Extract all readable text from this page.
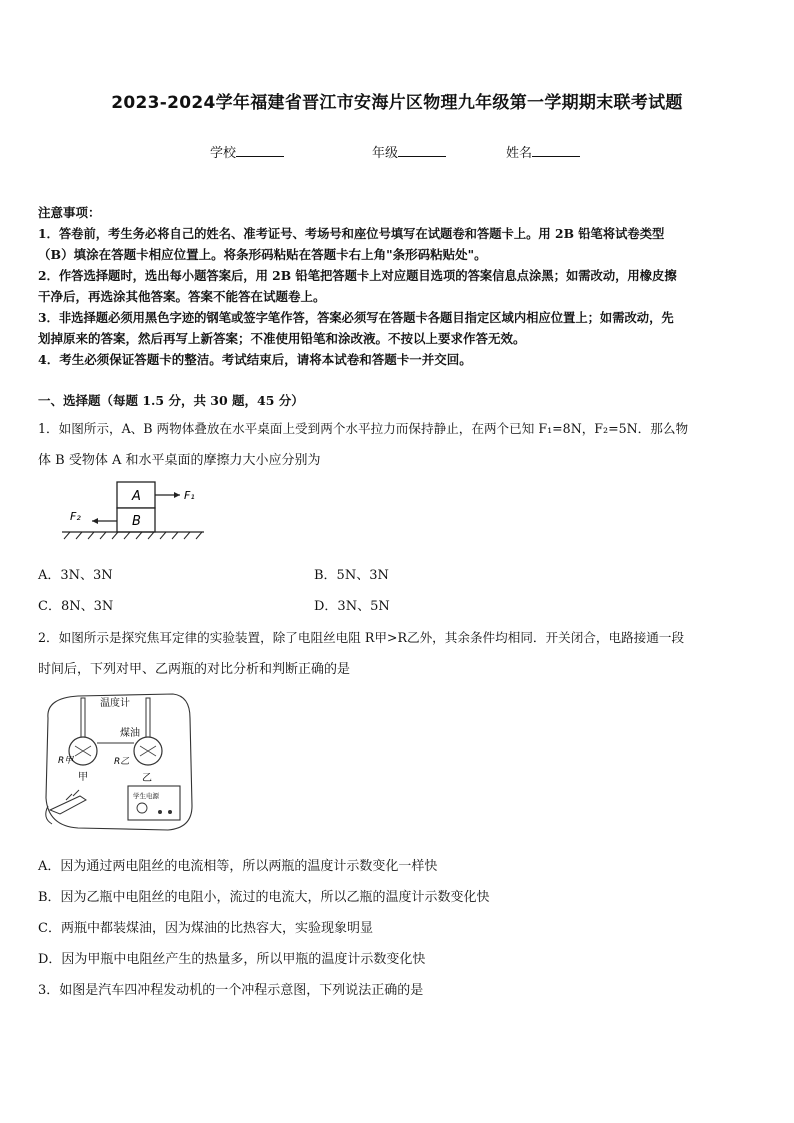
2023-2024学年福建省晋江市安海片区物理九年级第一学期期末联考试题
学校	年级	姓名
注意事项：
1．答卷前，考生务必将自己的姓名、准考证号、考场号和座位号填写在试题卷和答题卡上。用 2B 铅笔将试卷类型
（B）填涂在答题卡相应位置上。将条形码粘贴在答题卡右上角"条形码粘贴处"。
2．作答选择题时，选出每小题答案后，用 2B 铅笔把答题卡上对应题目选项的答案信息点涂黑；如需改动，用橡皮擦
干净后，再选涂其他答案。答案不能答在试题卷上。
3．非选择题必须用黑色字迹的钢笔或签字笔作答，答案必须写在答题卡各题目指定区域内相应位置上；如需改动，先
划掉原来的答案，然后再写上新答案；不准使用铅笔和涂改液。不按以上要求作答无效。
4．考生必须保证答题卡的整洁。考试结束后，请将本试卷和答题卡一并交回。
一、选择题（每题 1.5 分，共 30 题，45 分）
1．如图所示，A、B 两物体叠放在水平桌面上受到两个水平拉力而保持静止，在两个已知 F₁=8N，F₂=5N．那么物
体 B 受物体 A 和水平桌面的摩擦力大小应分别为
A
B
F₁
F₂
A．3N、3N	B．5N、3N
C．8N、3N	D．3N、5N
2．如图所示是探究焦耳定律的实验装置，除了电阻丝电阻 R甲>R乙外，其余条件均相同．开关闭合，电路接通一段
时间后，下列对甲、乙两瓶的对比分析和判断正确的是
温度计
煤油
R甲	R乙
甲	乙
学生电源
A．因为通过两电阻丝的电流相等，所以两瓶的温度计示数变化一样快
B．因为乙瓶中电阻丝的电阻小，流过的电流大，所以乙瓶的温度计示数变化快
C．两瓶中都装煤油，因为煤油的比热容大，实验现象明显
D．因为甲瓶中电阻丝产生的热量多，所以甲瓶的温度计示数变化快
3．如图是汽车四冲程发动机的一个冲程示意图，下列说法正确的是
